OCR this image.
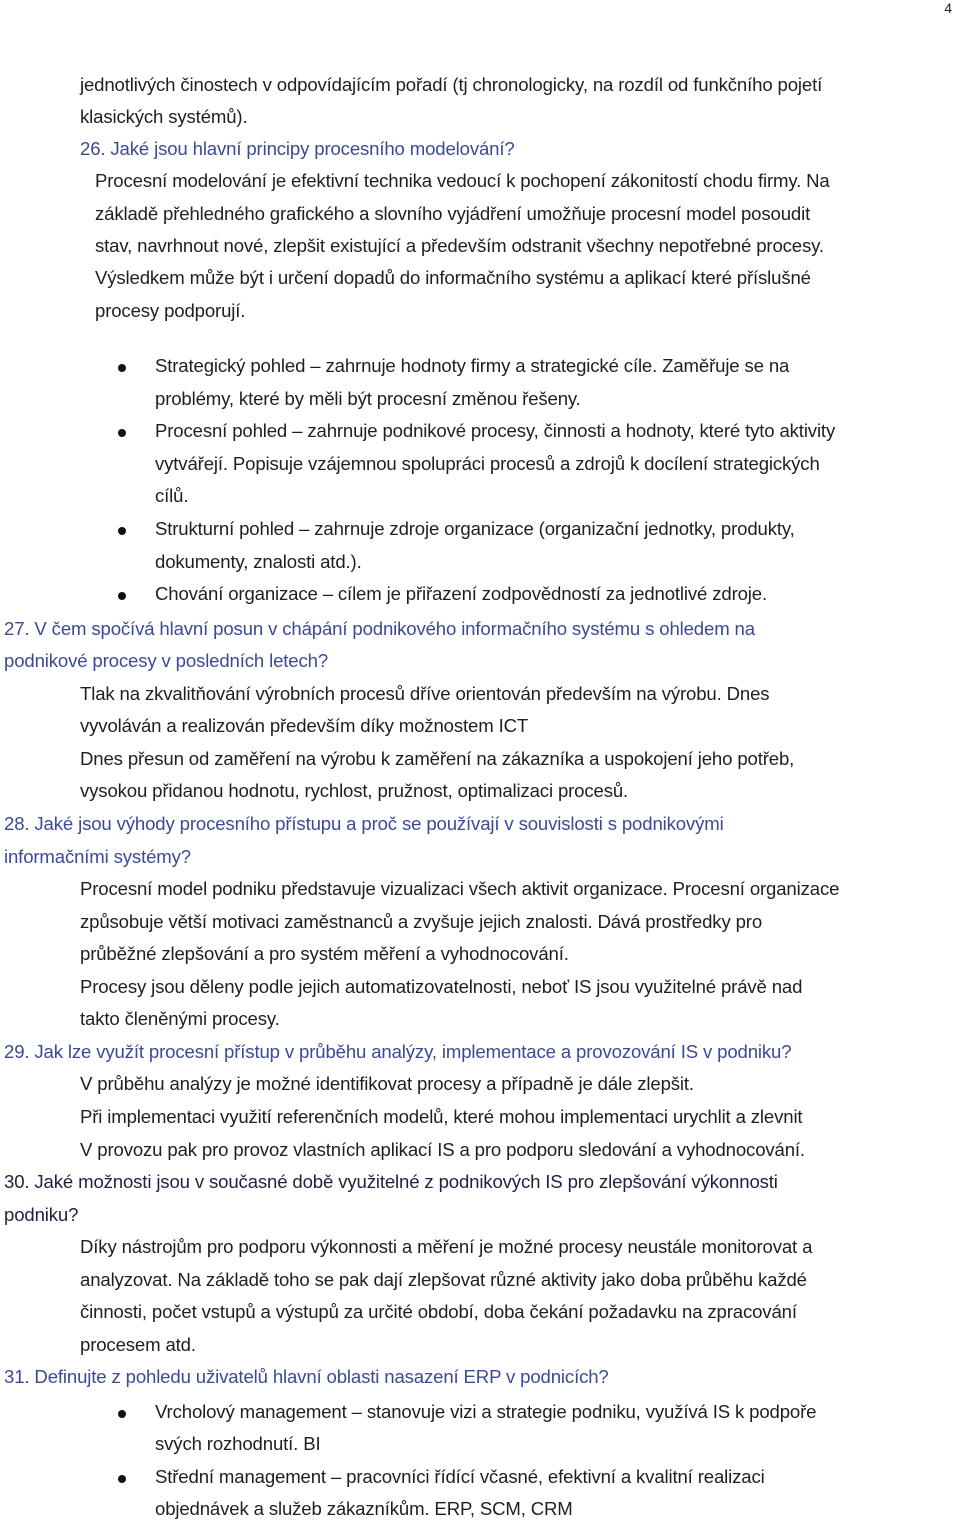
4
jednotlivých činostech v odpovídajícím pořadí (tj chronologicky, na rozdíl od funkčního pojetí
klasických systémů).
26. Jaké jsou hlavní principy procesního modelování?
Procesní modelování je efektivní technika vedoucí k pochopení zákonitostí chodu firmy. Na
základě přehledného grafického a slovního vyjádření umožňuje procesní model posoudit
stav, navrhnout nové, zlepšit existující a především odstranit všechny nepotřebné procesy.
Výsledkem může být i určení dopadů do informačního systému a aplikací které příslušné
procesy podporují.
Strategický pohled – zahrnuje hodnoty firmy a strategické cíle. Zaměřuje se na
problémy, které by měli být procesní změnou řešeny.
Procesní pohled – zahrnuje podnikové procesy, činnosti a hodnoty, které tyto aktivity
vytvářejí. Popisuje vzájemnou spolupráci procesů a zdrojů k docílení strategických
cílů.
Strukturní pohled – zahrnuje zdroje organizace (organizační jednotky, produkty,
dokumenty, znalosti atd.).
Chování organizace – cílem je přiřazení zodpovědností za jednotlivé zdroje.
27. V čem spočívá hlavní posun v chápání podnikového informačního systému s ohledem na
podnikové procesy v posledních letech?
Tlak na zkvalitňování výrobních procesů dříve orientován především na výrobu. Dnes
vyvoláván a realizován především díky možnostem ICT
Dnes přesun od zaměření na výrobu k zaměření na zákazníka a uspokojení jeho potřeb,
vysokou přidanou hodnotu, rychlost, pružnost, optimalizaci procesů.
28. Jaké jsou výhody procesního přístupu a proč se používají v souvislosti s podnikovými
informačními systémy?
Procesní model podniku představuje vizualizaci všech aktivit organizace. Procesní organizace
způsobuje větší motivaci zaměstnanců a zvyšuje jejich znalosti. Dává prostředky pro
průběžné zlepšování a pro systém měření a vyhodnocování.
Procesy jsou děleny podle jejich automatizovatelnosti, neboť IS jsou využitelné právě nad
takto členěnými procesy.
29. Jak lze využít procesní přístup v průběhu analýzy, implementace a provozování IS v podniku?
V průběhu analýzy je možné identifikovat procesy a případně je dále zlepšit.
Při implementaci využití referenčních modelů, které mohou implementaci urychlit a zlevnit
V provozu pak pro provoz vlastních aplikací IS a pro podporu sledování a vyhodnocování.
30. Jaké možnosti jsou v současné době využitelné z podnikových IS pro zlepšování výkonnosti
podniku?
Díky nástrojům pro podporu výkonnosti a měření je možné procesy neustále monitorovat a
analyzovat. Na základě toho se pak dají zlepšovat různé aktivity jako doba průběhu každé
činnosti, počet vstupů a výstupů za určité období, doba čekání požadavku na zpracování
procesem atd.
31. Definujte z pohledu uživatelů hlavní oblasti nasazení ERP v podnicích?
Vrcholový management – stanovuje vizi a strategie podniku, využívá IS k podpoře
svých rozhodnutí. BI
Střední management – pracovníci řídící včasné, efektivní a kvalitní realizaci
objednávek a služeb zákazníkům. ERP, SCM, CRM
